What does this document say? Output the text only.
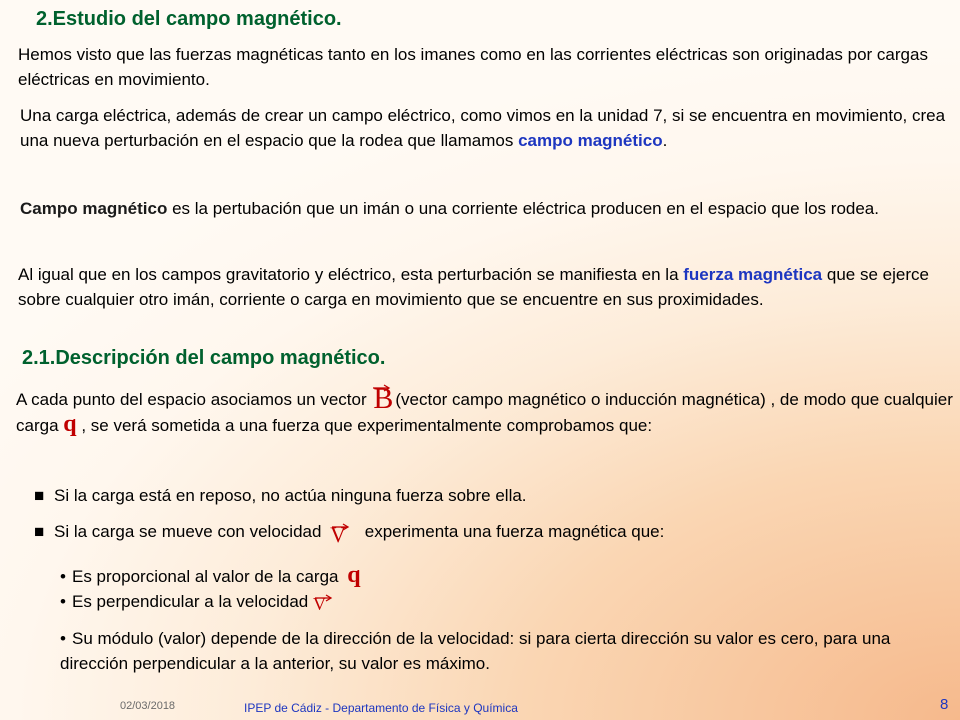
2.Estudio del campo magnético.

Hemos visto que las fuerzas magnéticas tanto en los imanes como en las corrientes eléctricas son originadas por cargas eléctricas en movimiento.

Una carga eléctrica, además de crear un campo eléctrico, como vimos en la unidad 7, si se encuentra en movimiento, crea una nueva perturbación en el espacio que la rodea que llamamos campo magnético.

Campo magnético es la pertubación que un imán o una corriente eléctrica producen en el espacio que los rodea.

Al igual que en los campos gravitatorio y eléctrico, esta perturbación se manifiesta en la fuerza magnética que se ejerce sobre cualquier otro imán, corriente o carga en movimiento que se encuentre en sus proximidades.

2.1.Descripción del campo magnético.

A cada punto del espacio asociamos un vector
B (vector campo magnético o inducción magnética) , de modo que cualquier carga q , se verá sometida a una fuerza que experimentalmente comprobamos que:

■ Si la carga está en reposo, no actúa ninguna fuerza sobre ella.
■ Si la carga se mueve con velocidad
V experimenta una fuerza magnética que:
• Es proporcional al valor de la carga q
• Es perpendicular a la velocidad
V
• Su módulo (valor) depende de la dirección de la velocidad: si para cierta dirección su valor es cero, para una dirección perpendicular a la anterior, su valor es máximo.
02/03/2018	IPEP de Cádiz - Departamento de Física y Química	8
